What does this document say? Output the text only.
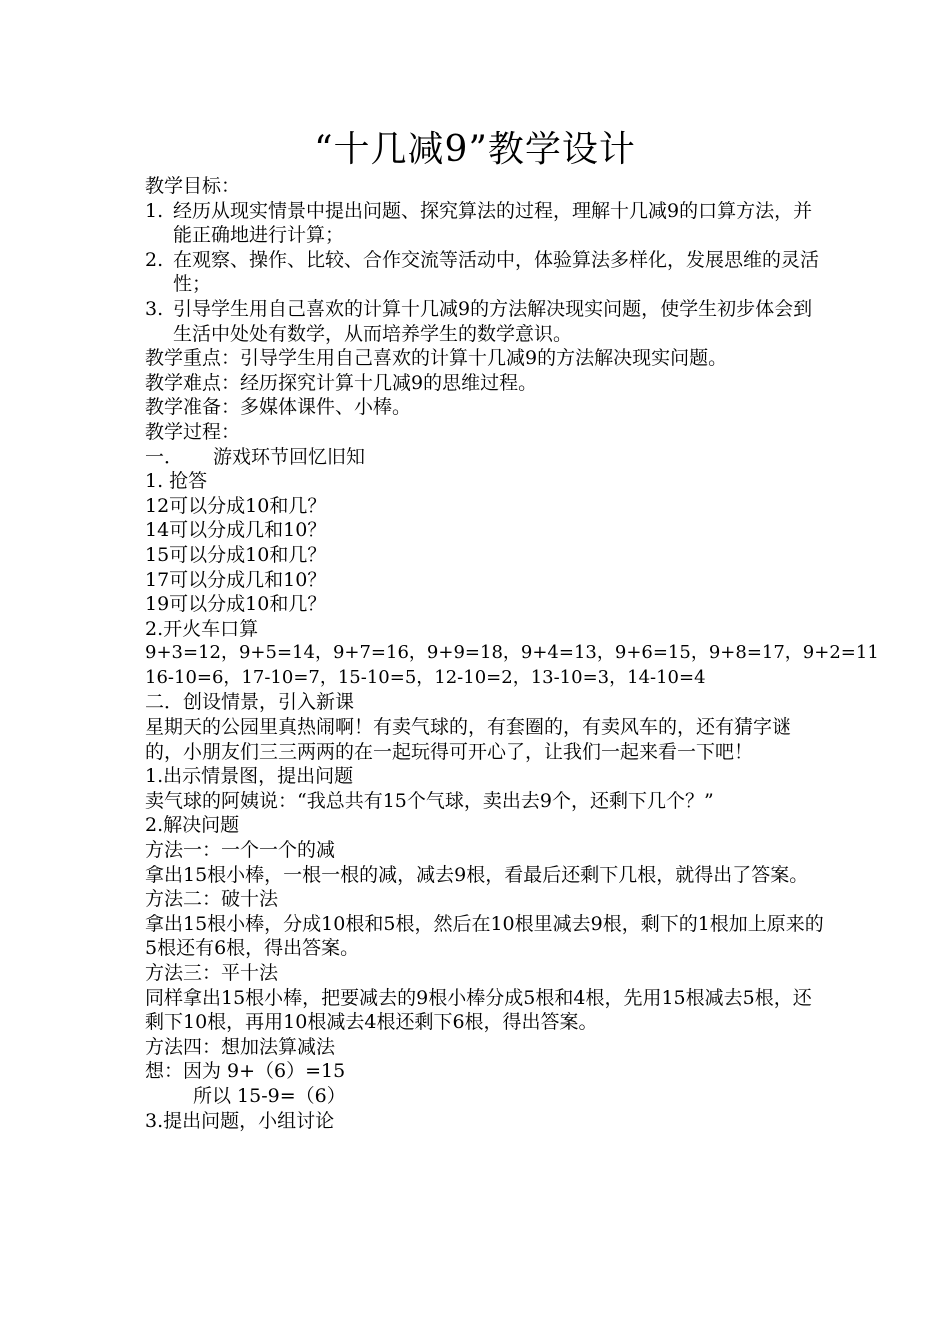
“十几减9”教学设计
教学目标：
1. 经历从现实情景中提出问题、探究算法的过程，理解十几减9的口算方法，并能正确地进行计算；
2. 在观察、操作、比较、合作交流等活动中，体验算法多样化，发展思维的灵活性；
3. 引导学生用自己喜欢的计算十几减9的方法解决现实问题，使学生初步体会到生活中处处有数学，从而培养学生的数学意识。
教学重点：引导学生用自己喜欢的计算十几减9的方法解决现实问题。
教学难点：经历探究计算十几减9的思维过程。
教学准备：多媒体课件、小棒。
教学过程：
一． 游戏环节回忆旧知
1. 抢答
12可以分成10和几？
14可以分成几和10？
15可以分成10和几？
17可以分成几和10？
19可以分成10和几？
2.开火车口算
9+3=12，9+5=14，9+7=16，9+9=18，9+4=13，9+6=15，9+8=17，9+2=11
16-10=6，17-10=7，15-10=5，12-10=2，13-10=3，14-10=4
二．创设情景，引入新课
星期天的公园里真热闹啊！有卖气球的，有套圈的，有卖风车的，还有猜字谜的，小朋友们三三两两的在一起玩得可开心了，让我们一起来看一下吧！
1.出示情景图，提出问题
卖气球的阿姨说：“我总共有15个气球，卖出去9个，还剩下几个？”
2.解决问题
方法一：一个一个的减
拿出15根小棒，一根一根的减，减去9根，看最后还剩下几根，就得出了答案。
方法二：破十法
拿出15根小棒，分成10根和5根，然后在10根里减去9根，剩下的1根加上原来的5根还有6根，得出答案。
方法三：平十法
同样拿出15根小棒，把要减去的9根小棒分成5根和4根，先用15根减去5根，还剩下10根，再用10根减去4根还剩下6根，得出答案。
方法四：想加法算减法
想：因为 9+（6）=15
所以 15-9=（6）
3.提出问题，小组讨论
